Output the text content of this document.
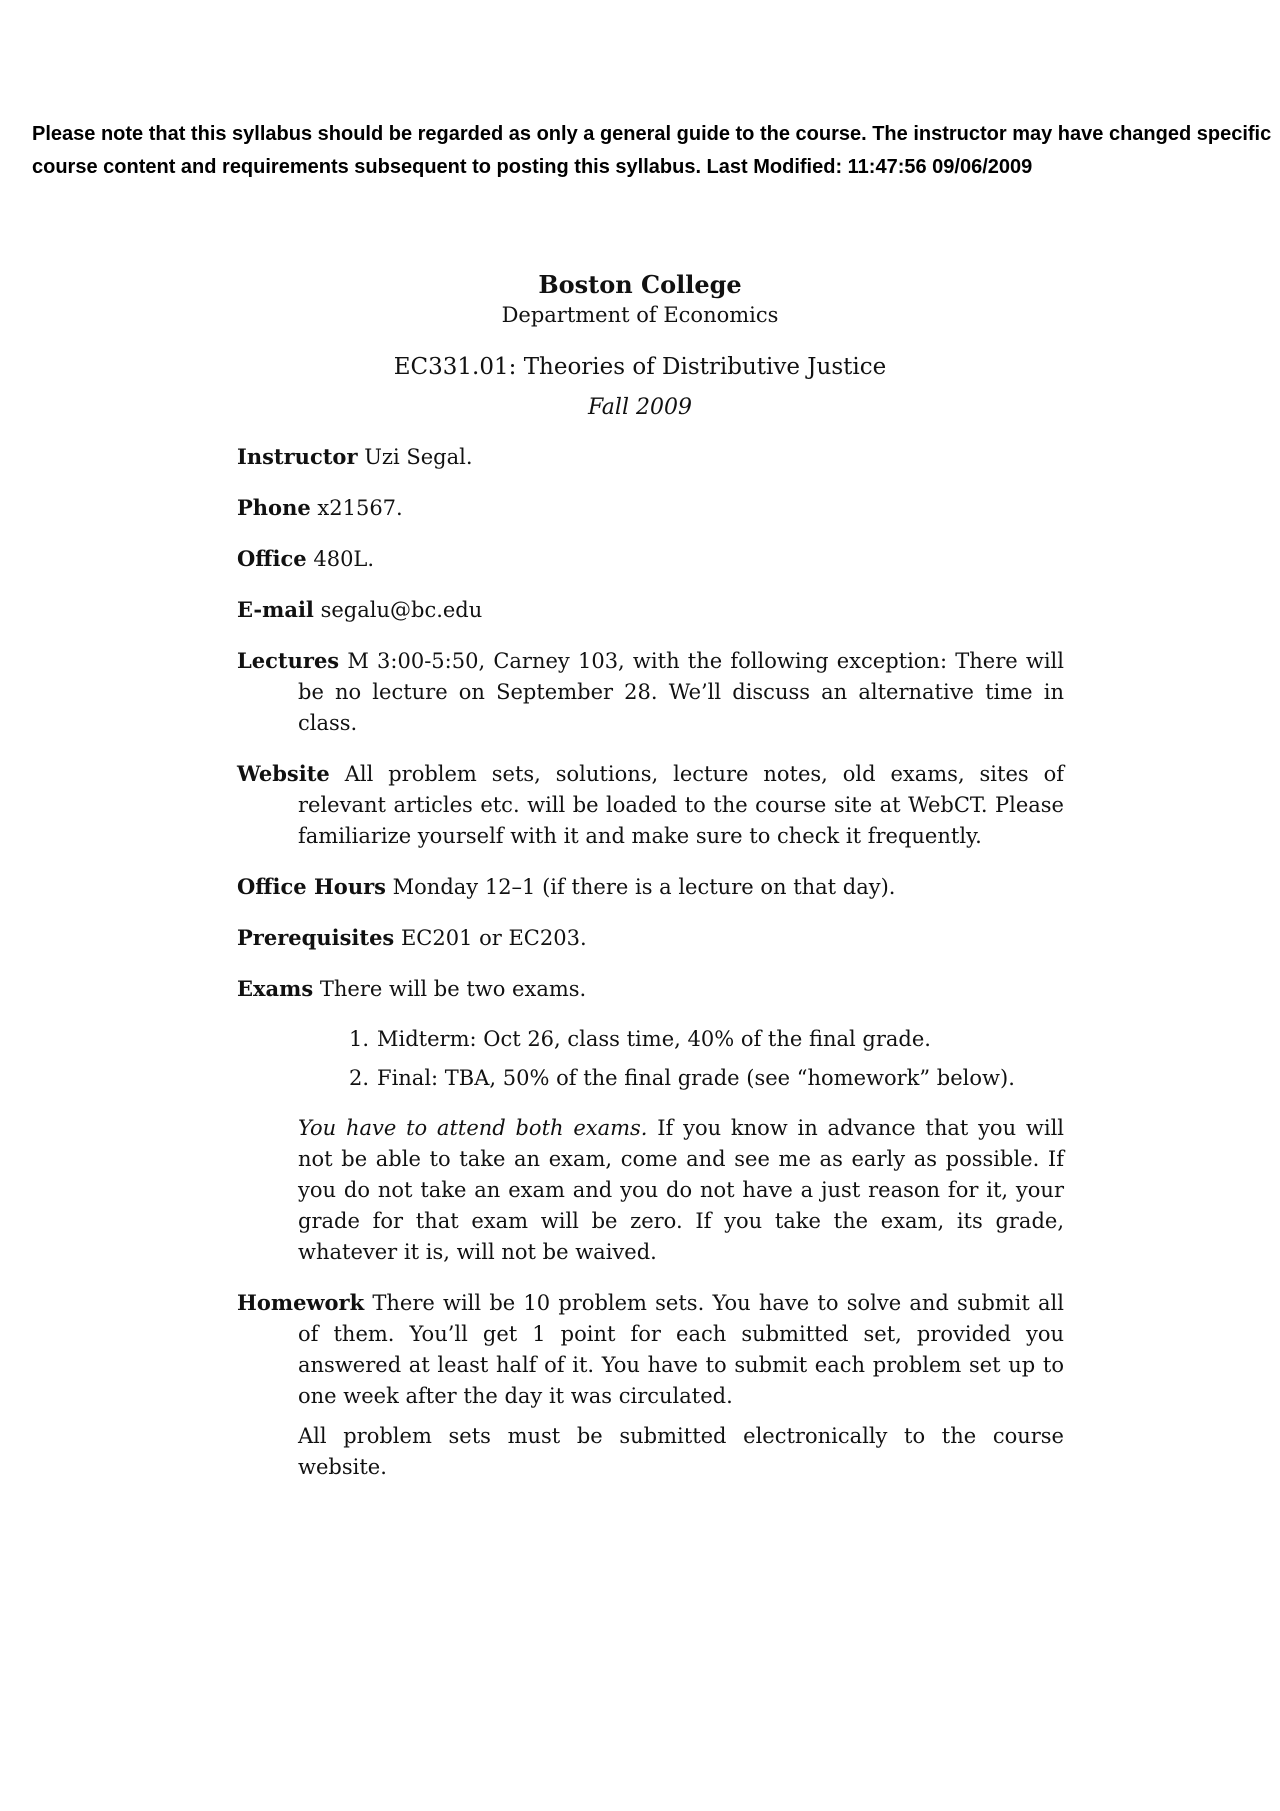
Please note that this syllabus should be regarded as only a general guide to the course. The instructor may have changed specific course content and requirements subsequent to posting this syllabus. Last Modified: 11:47:56 09/06/2009
Boston College
Department of Economics
EC331.01: Theories of Distributive Justice
Fall 2009

Instructor Uzi Segal.

Phone x21567.

Office 480L.

E-mail segalu@bc.edu

Lectures M 3:00-5:50, Carney 103, with the following exception: There will be no lecture on September 28. We’ll discuss an alternative time in class.

Website All problem sets, solutions, lecture notes, old exams, sites of relevant articles etc. will be loaded to the course site at WebCT. Please familiarize yourself with it and make sure to check it frequently.

Office Hours Monday 12–1 (if there is a lecture on that day).

Prerequisites EC201 or EC203.

Exams There will be two exams.

1. Midterm: Oct 26, class time, 40% of the final grade.
2. Final: TBA, 50% of the final grade (see “homework” below).

You have to attend both exams. If you know in advance that you will not be able to take an exam, come and see me as early as possible. If you do not take an exam and you do not have a just reason for it, your grade for that exam will be zero. If you take the exam, its grade, whatever it is, will not be waived.

Homework There will be 10 problem sets. You have to solve and submit all of them. You’ll get 1 point for each submitted set, provided you answered at least half of it. You have to submit each problem set up to one week after the day it was circulated.

All problem sets must be submitted electronically to the course website.
